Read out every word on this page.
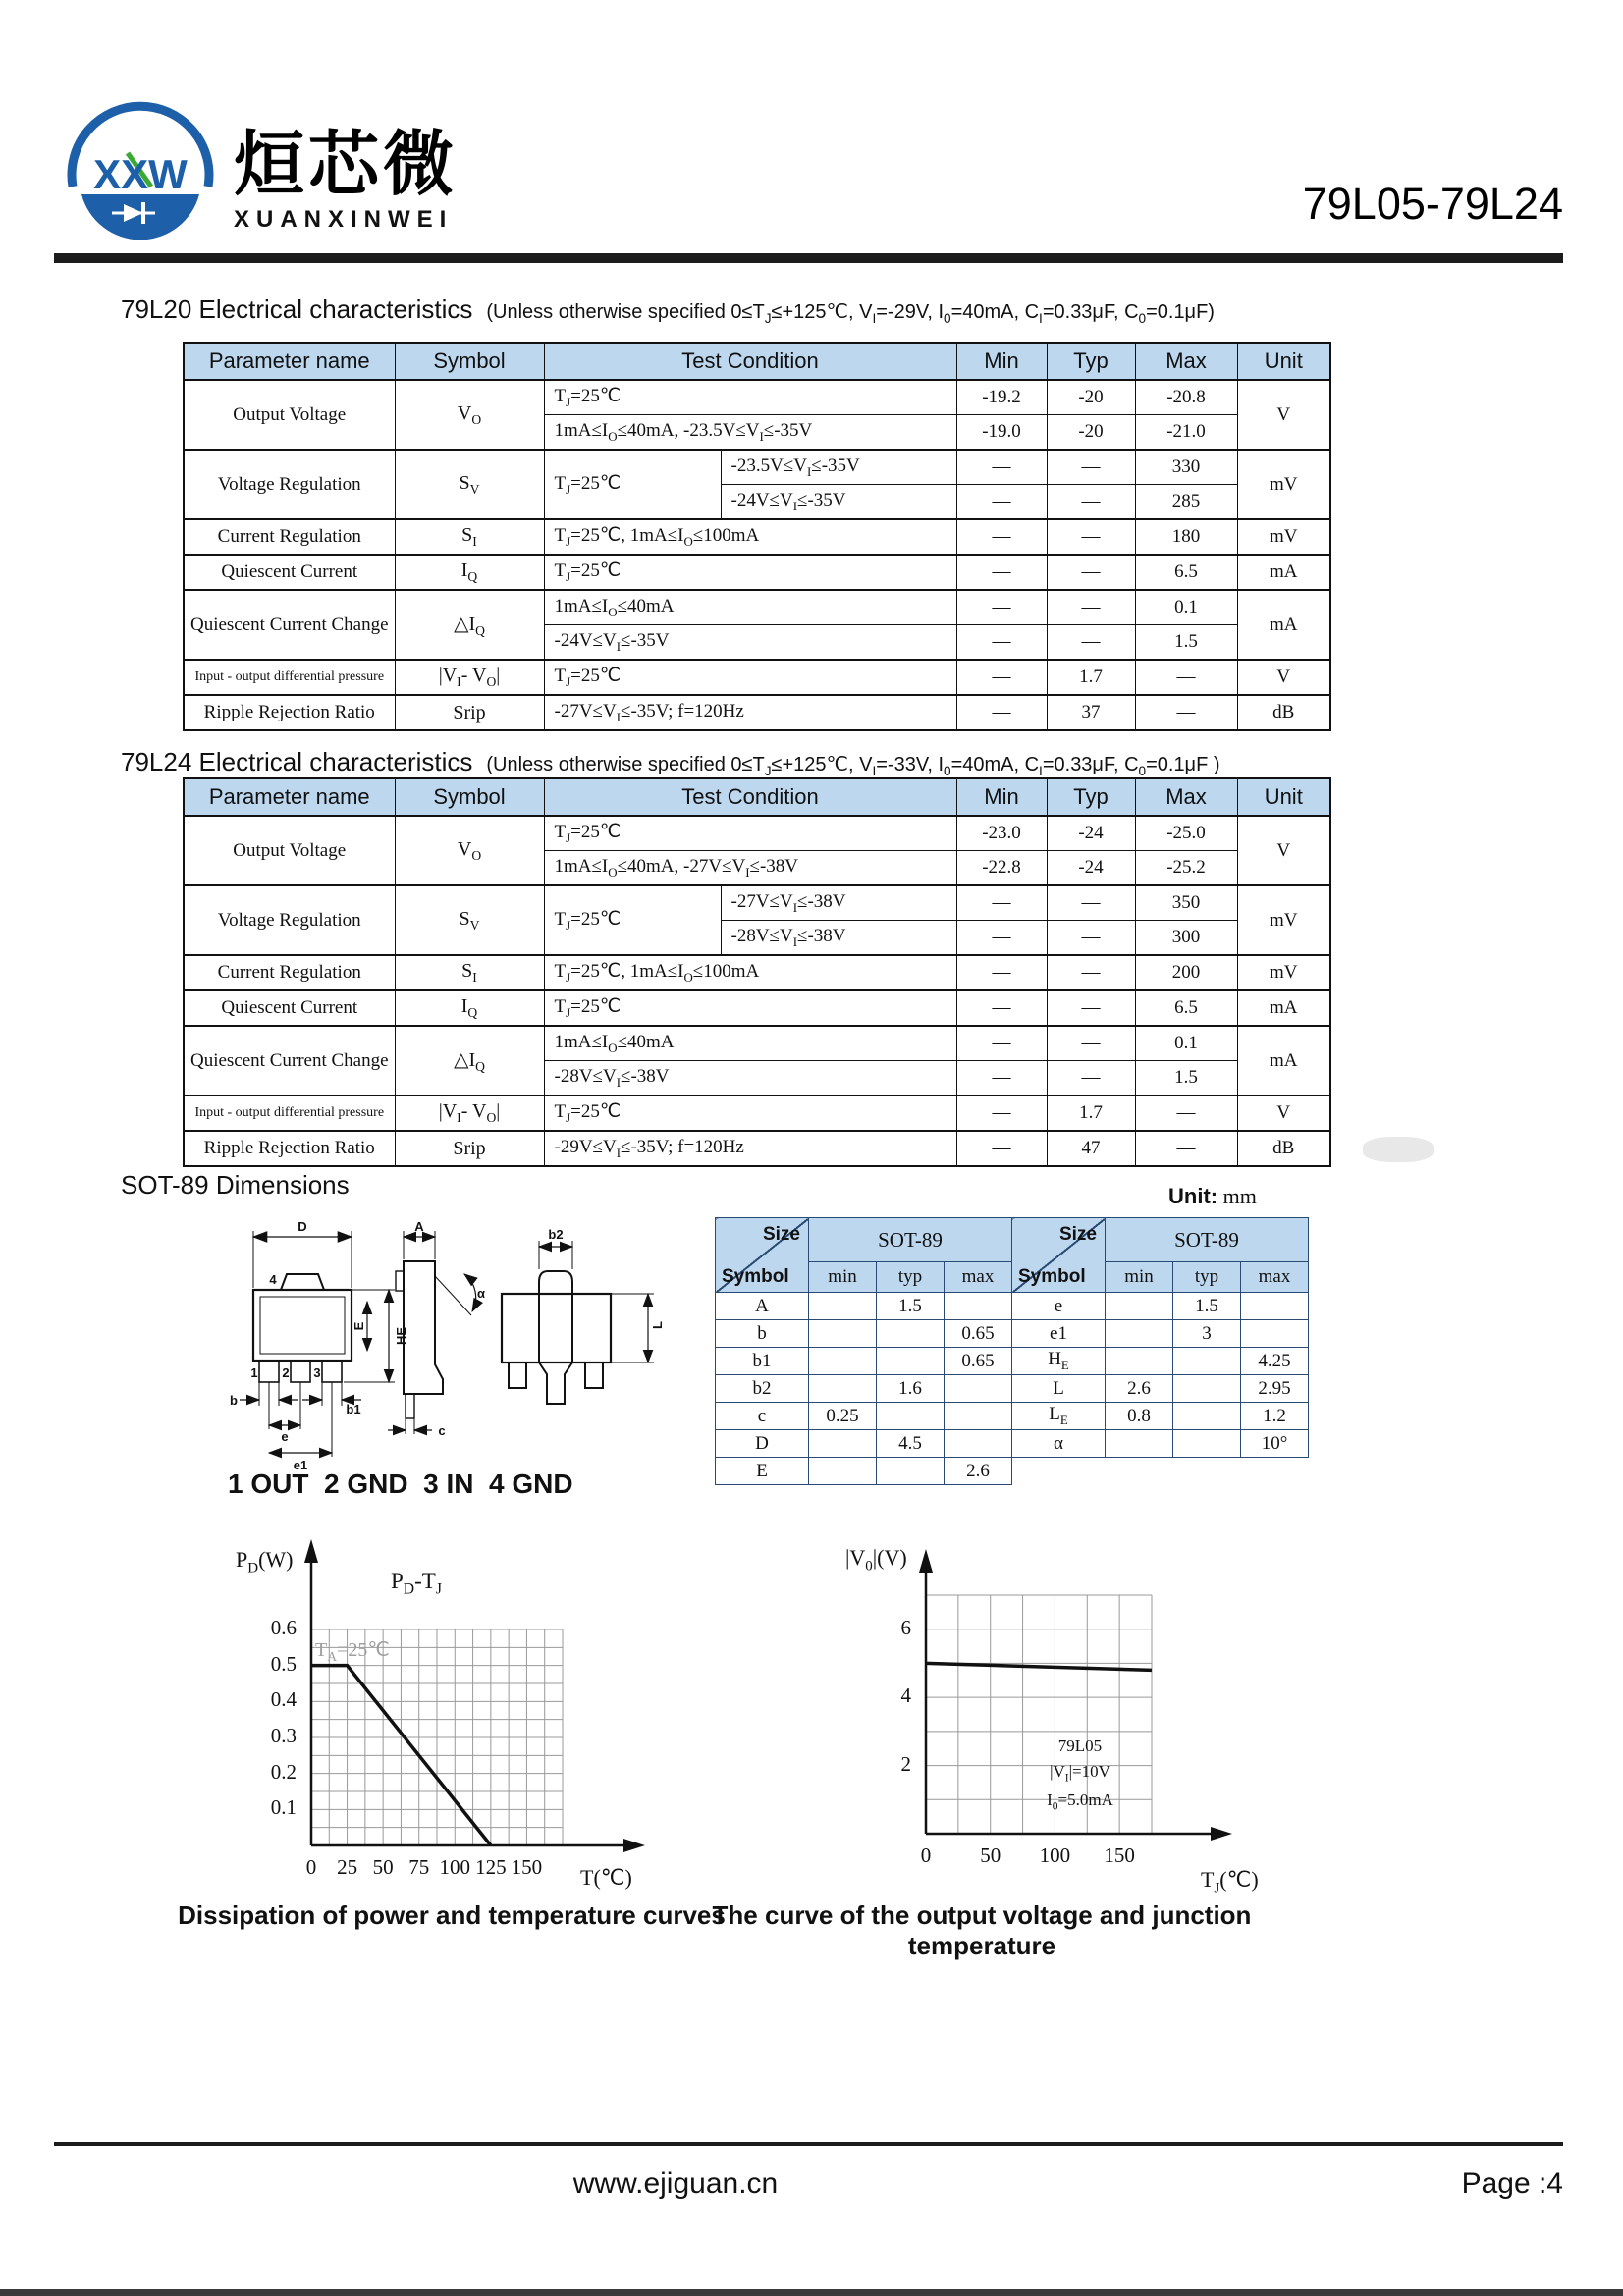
XXW 烜芯微
XUANXINWEI	79L05-79L24
79L20 Electrical characteristics (Unless otherwise specified $0\le T_J\le+125℃$, $V_I=-29V$, $I_0=40mA$, $C_I=0.33\mu F$, $C_0=0.1\mu F$)
Parameter name	Symbol	Test Condition		Min	Typ	Max	Unit
Output Voltage	$V_O$	$T_J=25℃$		-19.2	-20	-20.8	V
		$1mA\le I_O\le 40mA$, $-23.5V\le V_I\le-35V$		-19.0	-20	-21.0	
Voltage Regulation	$S_V$	$T_J=25℃$	$-23.5V\le V_I\le-35V$	—	—	330	mV
			$-24V\le V_I\le-35V$	—	—	285	
Current Regulation	$S_I$	$T_J=25℃$, $1mA\le I_O\le 100mA$		—	—	180	mV
Quiescent Current	$I_Q$	$T_J=25℃$		—	—	6.5	mA
Quiescent Current Change	$\triangle I_Q$	$1mA\le I_O\le 40mA$		—	—	0.1	mA
		$-24V\le V_I\le-35V$		—	—	1.5	
Input - output differential pressure	$|V_I-$ $V_O|$	$T_J=25℃$		—	1.7	—	V
Ripple Rejection Ratio	Srip	$-27V\le V_I\le-35V$; f=120Hz		—	37	—	dB
79L24 Electrical characteristics (Unless otherwise specified $0\le T_J\le+125℃$, $V_I=-33V$, $I_0=40mA$, $C_I=0.33\mu F$, $C_0=0.1\mu F$ )
Parameter name	Symbol	Test Condition		Min	Typ	Max	Unit
Output Voltage	$V_O$	$T_J=25℃$		-23.0	-24	-25.0	V
		$1mA\le I_O\le 40mA$, $-27V\le V_I\le-38V$		-22.8	-24	-25.2	
Voltage Regulation	$S_V$	$T_J=25℃$	$-27V\le V_I\le-38V$	—	—	350	mV
			$-28V\le V_I\le-38V$	—	—	300	
Current Regulation	$S_I$	$T_J=25℃$, $1mA\le I_O\le 100mA$		—	—	200	mV
Quiescent Current	$I_Q$	$T_J=25℃$		—	—	6.5	mA
Quiescent Current Change	$\triangle I_Q$	$1mA\le I_O\le 40mA$		—	—	0.1	mA
		$-28V\le V_I\le-38V$		—	—	1.5	
Input - output differential pressure	$|V_I-$ $V_O|$	$T_J=25℃$		—	1.7	—	V
Ripple Rejection Ratio	Srip	$-29V\le V_I\le-35V$; f=120Hz		—	47	—	dB
SOT-89 Dimensions	Unit: mm
D
4
1 2 3
E
HE
b
b1
e
e1
A
α
c
b2
L
Size
Symbol	SOT-89			Size
Symbol	SOT-89		
	min	typ	max		min	typ	max
A		1.5		e		1.5	
b			0.65	e1		3	
b1			0.65	$H_E$			4.25
b2		1.6		L	2.6		2.95
c	0.25			$L_E$	0.8		1.2
D		4.5		α			10°
E			2.6				
1 OUT  2 GND  3 IN  4 GND
$P_D(W)$
$P_D-T_J$
$T_A=25℃$
T(℃)
0 25 50 75 100 125 150
0.1
0.2
0.3
0.4
0.5
0.6
Dissipation of power and temperature curves
$|V_0|(V)$
79L05
$|V_I|=10V$
$I_0=5.0mA$
$T_J(℃)$
0	50	100 150
2
4
6
The curve of the output voltage and junction temperature
www.ejiguan.cn	Page :4
